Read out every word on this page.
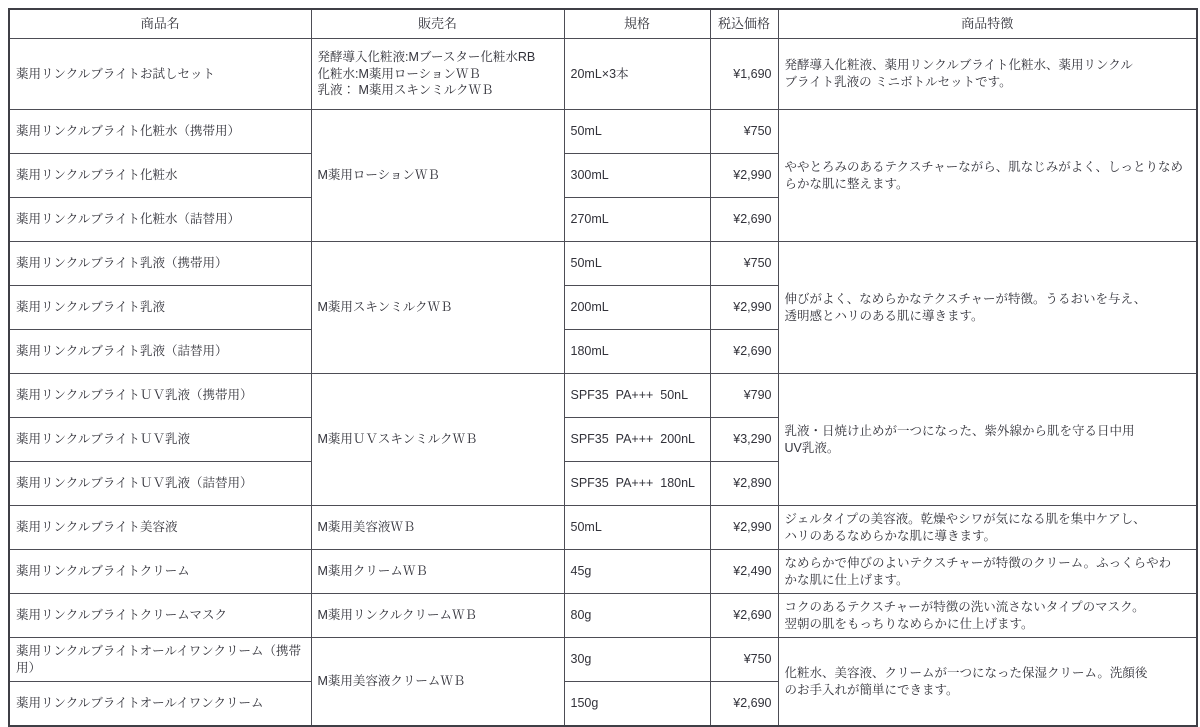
商品名	販売名	規格	税込価格	商品特徴
薬用リンクルブライトお試しセット	発酵導入化粧液:Mブースター化粧水RB
化粧水:M薬用ローションＷＢ
乳液： M薬用スキンミルクＷＢ	20mL×3本	¥1,690	発酵導入化粧液、薬用リンクルブライト化粧水、薬用リンクル
ブライト乳液の ミニボトルセットです。

薬用リンクルブライト化粧水（携帯用）	M薬用ローションＷＢ	50mL	¥750	ややとろみのあるテクスチャーながら、肌なじみがよく、しっとりなめ
らかな肌に整えます。

薬用リンクルブライト化粧水		300mL	¥2,990	
薬用リンクルブライト化粧水（詰替用）		270mL	¥2,690	
薬用リンクルブライト乳液（携帯用）	M薬用スキンミルクＷＢ	50mL	¥750	伸びがよく、なめらかなテクスチャーが特徴。うるおいを与え、
透明感とハリのある肌に導きます。

薬用リンクルブライト乳液		200mL	¥2,990	
薬用リンクルブライト乳液（詰替用）		180mL	¥2,690	
薬用リンクルブライトＵＶ乳液（携帯用）	M薬用ＵＶスキンミルクＷＢ	SPF35  PA+++  50nL	¥790	乳液・日焼け止めが一つになった、紫外線から肌を守る日中用
UV乳液。

薬用リンクルブライトＵＶ乳液		SPF35  PA+++  200nL	¥3,290	
薬用リンクルブライトＵＶ乳液（詰替用）		SPF35  PA+++  180nL	¥2,890	
薬用リンクルブライト美容液	M薬用美容液ＷＢ	50mL	¥2,990	ジェルタイプの美容液。乾燥やシワが気になる肌を集中ケアし、
ハリのあるなめらかな肌に導きます。

薬用リンクルブライトクリーム	M薬用クリームＷＢ	45g	¥2,490	なめらかで伸びのよいテクスチャーが特徴のクリーム。ふっくらやわ
かな肌に仕上げます。

薬用リンクルブライトクリームマスク	M薬用リンクルクリームＷＢ	80g	¥2,690	コクのあるテクスチャーが特徴の洗い流さないタイプのマスク。
翌朝の肌をもっちりなめらかに仕上げます。

薬用リンクルブライトオールイワンクリーム（携帯用）	M薬用美容液クリームＷＢ	30g	¥750	化粧水、美容液、クリームが一つになった保湿クリーム。洗顔後
のお手入れが簡単にできます。

薬用リンクルブライトオールイワンクリーム		150g	¥2,690	
